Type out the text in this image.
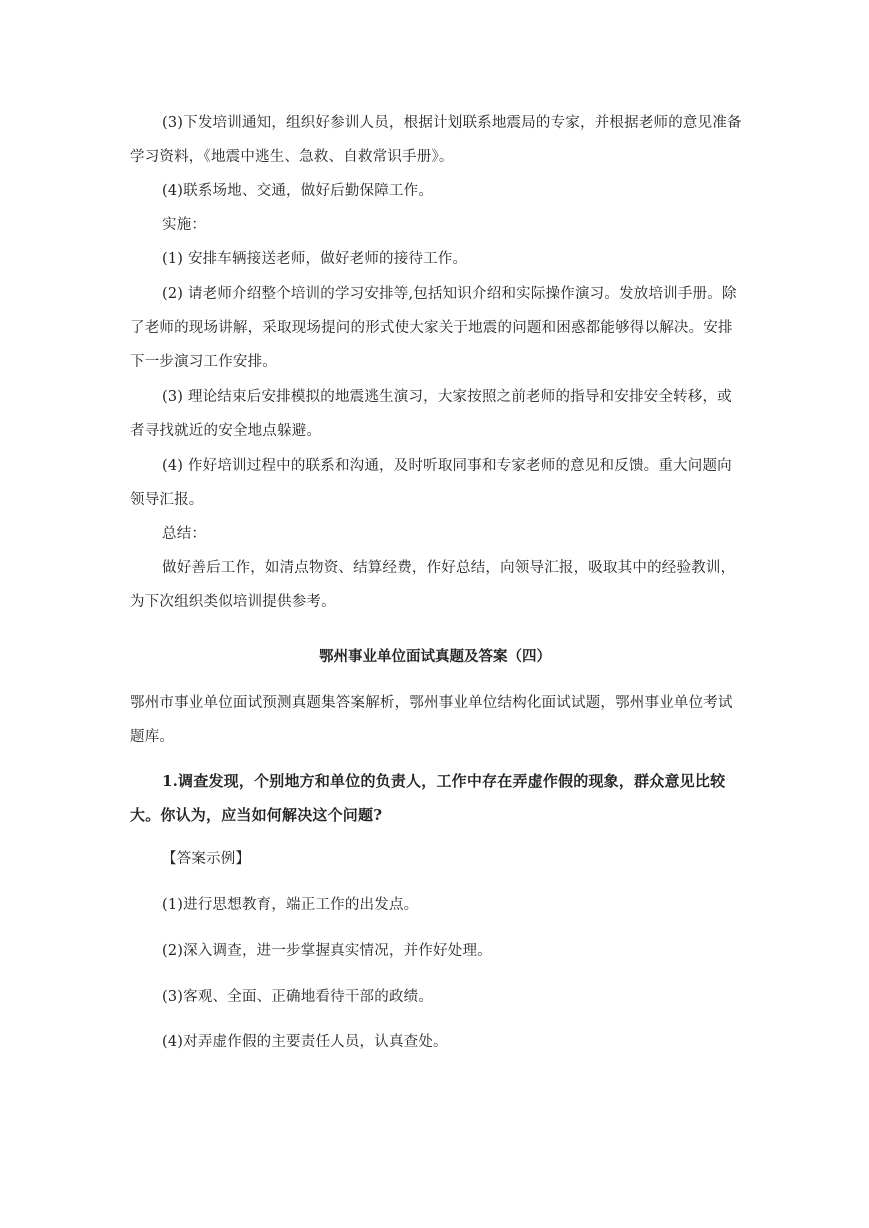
(3)下发培训通知，组织好参训人员，根据计划联系地震局的专家，并根据老师的意见准备学习资料，《地震中逃生、急救、自救常识手册》。
(4)联系场地、交通，做好后勤保障工作。
实施：
(1) 安排车辆接送老师，做好老师的接待工作。
(2) 请老师介绍整个培训的学习安排等,包括知识介绍和实际操作演习。发放培训手册。除了老师的现场讲解，采取现场提问的形式使大家关于地震的问题和困惑都能够得以解决。安排下一步演习工作安排。
(3) 理论结束后安排模拟的地震逃生演习，大家按照之前老师的指导和安排安全转移，或者寻找就近的安全地点躲避。
(4) 作好培训过程中的联系和沟通，及时听取同事和专家老师的意见和反馈。重大问题向领导汇报。
总结：
做好善后工作，如清点物资、结算经费，作好总结，向领导汇报，吸取其中的经验教训，为下次组织类似培训提供参考。
鄂州事业单位面试真题及答案（四）
鄂州市事业单位面试预测真题集答案解析，鄂州事业单位结构化面试试题，鄂州事业单位考试题库。
1.调查发现，个别地方和单位的负责人，工作中存在弄虚作假的现象，群众意见比较大。你认为，应当如何解决这个问题?
【答案示例】
(1)进行思想教育，端正工作的出发点。
(2)深入调查，进一步掌握真实情况，并作好处理。
(3)客观、全面、正确地看待干部的政绩。
(4)对弄虚作假的主要责任人员，认真查处。
